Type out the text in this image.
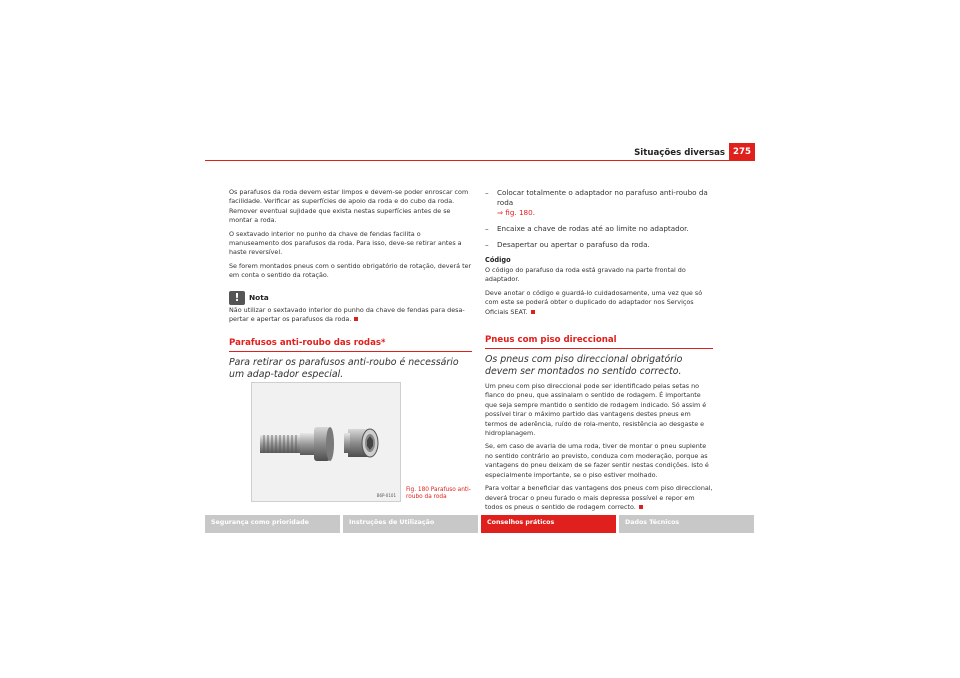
Situações diversas 275

Os parafusos da roda devem estar limpos e devem-se poder enroscar com facilidade. Verificar as superfícies de apoio da roda e do cubo da roda. Remover eventual sujidade que exista nestas superfícies antes de se montar a roda.

O sextavado interior no punho da chave de fendas facilita o manuseamento dos parafusos da roda. Para isso, deve-se retirar antes a haste reversível.

Se forem montados pneus com o sentido obrigatório de rotação, deverá ter em conta o sentido da rotação.

!	Nota

Não utilizar o sextavado interior do punho da chave de fendas para desa-pertar e apertar os parafusos da roda.

Parafusos anti-roubo das rodas*
Para retirar os parafusos anti-roubo é necessário um adap-tador especial.
B6P-0101
Fig. 180 Parafuso anti-roubo da roda
–	Colocar totalmente o adaptador no parafuso anti-roubo da roda
⇒ fig. 180.
–	Encaixe a chave de rodas até ao limite no adaptador.
–	Desapertar ou apertar o parafuso da roda.
Código

O código do parafuso da roda está gravado na parte frontal do adaptador.

Deve anotar o código e guardá-lo cuidadosamente, uma vez que só com este se poderá obter o duplicado do adaptador nos Serviços Oficiais SEAT.

Pneus com piso direccional
Os pneus com piso direccional obrigatório devem ser montados no sentido correcto.

Um pneu com piso direccional pode ser identificado pelas setas no flanco do pneu, que assinalam o sentido de rodagem. É importante que seja sempre mantido o sentido de rodagem indicado. Só assim é possível tirar o máximo partido das vantagens destes pneus em termos de aderência, ruído de rola-mento, resistência ao desgaste e hidroplanagem.

Se, em caso de avaria de uma roda, tiver de montar o pneu suplente no sentido contrário ao previsto, conduza com moderação, porque as vantagens do pneu deixam de se fazer sentir nestas condições. Isto é especialmente importante, se o piso estiver molhado.

Para voltar a beneficiar das vantagens dos pneus com piso direccional, deverá trocar o pneu furado o mais depressa possível e repor em todos os pneus o sentido de rodagem correcto.

Segurança como prioridade	Instruções de Utilização	Conselhos práticos	Dados Técnicos
